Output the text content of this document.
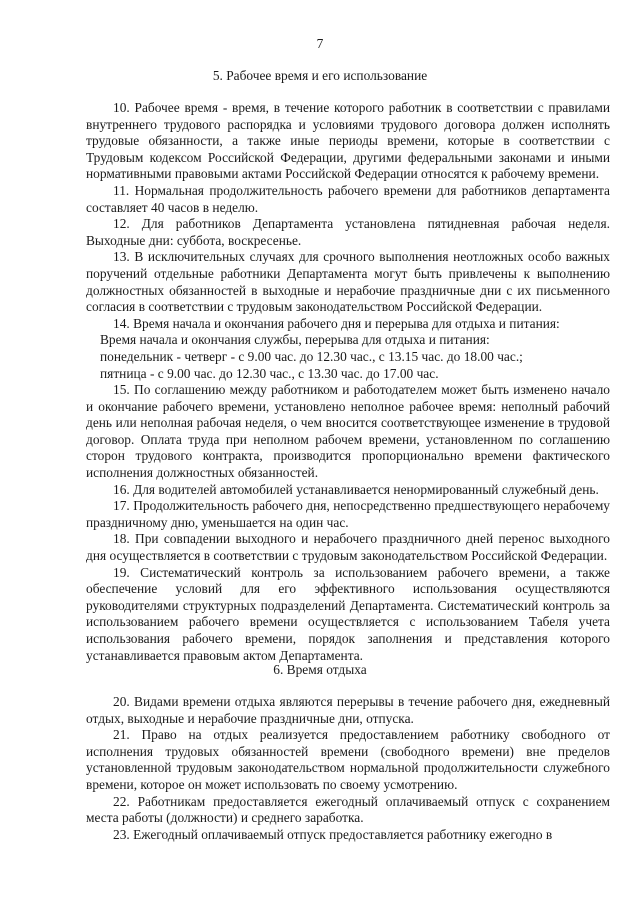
7
5. Рабочее время и его использование

10. Рабочее время - время, в течение которого работник в соответствии с правилами внутреннего трудового распорядка и условиями трудового договора должен исполнять трудовые обязанности, а также иные периоды времени, которые в соответствии с Трудовым кодексом Российской Федерации, другими федеральными законами и иными нормативными правовыми актами Российской Федерации относятся к рабочему времени.

11. Нормальная продолжительность рабочего времени для работников департамента составляет 40 часов в неделю.

12. Для работников Департамента установлена пятидневная рабочая неделя. Выходные дни: суббота, воскресенье.

13. В исключительных случаях для срочного выполнения неотложных особо важных поручений отдельные работники Департамента могут быть привлечены к выполнению должностных обязанностей в выходные и нерабочие праздничные дни с их письменного согласия в соответствии с трудовым законодательством Российской Федерации.

14. Время начала и окончания рабочего дня и перерыва для отдыха и питания:

Время начала и окончания службы, перерыва для отдыха и питания:

понедельник - четверг - с 9.00 час. до 12.30 час., с 13.15 час. до 18.00 час.;

пятница - с 9.00 час. до 12.30 час., с 13.30 час. до 17.00 час.

15. По соглашению между работником и работодателем может быть изменено начало и окончание рабочего времени, установлено неполное рабочее время: неполный рабочий день или неполная рабочая неделя, о чем вносится соответствующее изменение в трудовой договор. Оплата труда при неполном рабочем времени, установленном по соглашению сторон трудового контракта, производится пропорционально времени фактического исполнения должностных обязанностей.

16. Для водителей автомобилей устанавливается ненормированный служебный день.

17. Продолжительность рабочего дня, непосредственно предшествующего нерабочему праздничному дню, уменьшается на один час.

18. При совпадении выходного и нерабочего праздничного дней перенос выходного дня осуществляется в соответствии с трудовым законодательством Российской Федерации.

19. Систематический контроль за использованием рабочего времени, а также обеспечение условий для его эффективного использования осуществляются руководителями структурных подразделений Департамента. Систематический контроль за использованием рабочего времени осуществляется с использованием Табеля учета использования рабочего времени, порядок заполнения и представления которого устанавливается правовым актом Департамента.

6. Время отдыха

20. Видами времени отдыха являются перерывы в течение рабочего дня, ежедневный отдых, выходные и нерабочие праздничные дни, отпуска.

21. Право на отдых реализуется предоставлением работнику свободного от исполнения трудовых обязанностей времени (свободного времени) вне пределов установленной трудовым законодательством нормальной продолжительности служебного времени, которое он может использовать по своему усмотрению.

22. Работникам предоставляется ежегодный оплачиваемый отпуск с сохранением места работы (должности) и среднего заработка.

23. Ежегодный оплачиваемый отпуск предоставляется работнику ежегодно в
